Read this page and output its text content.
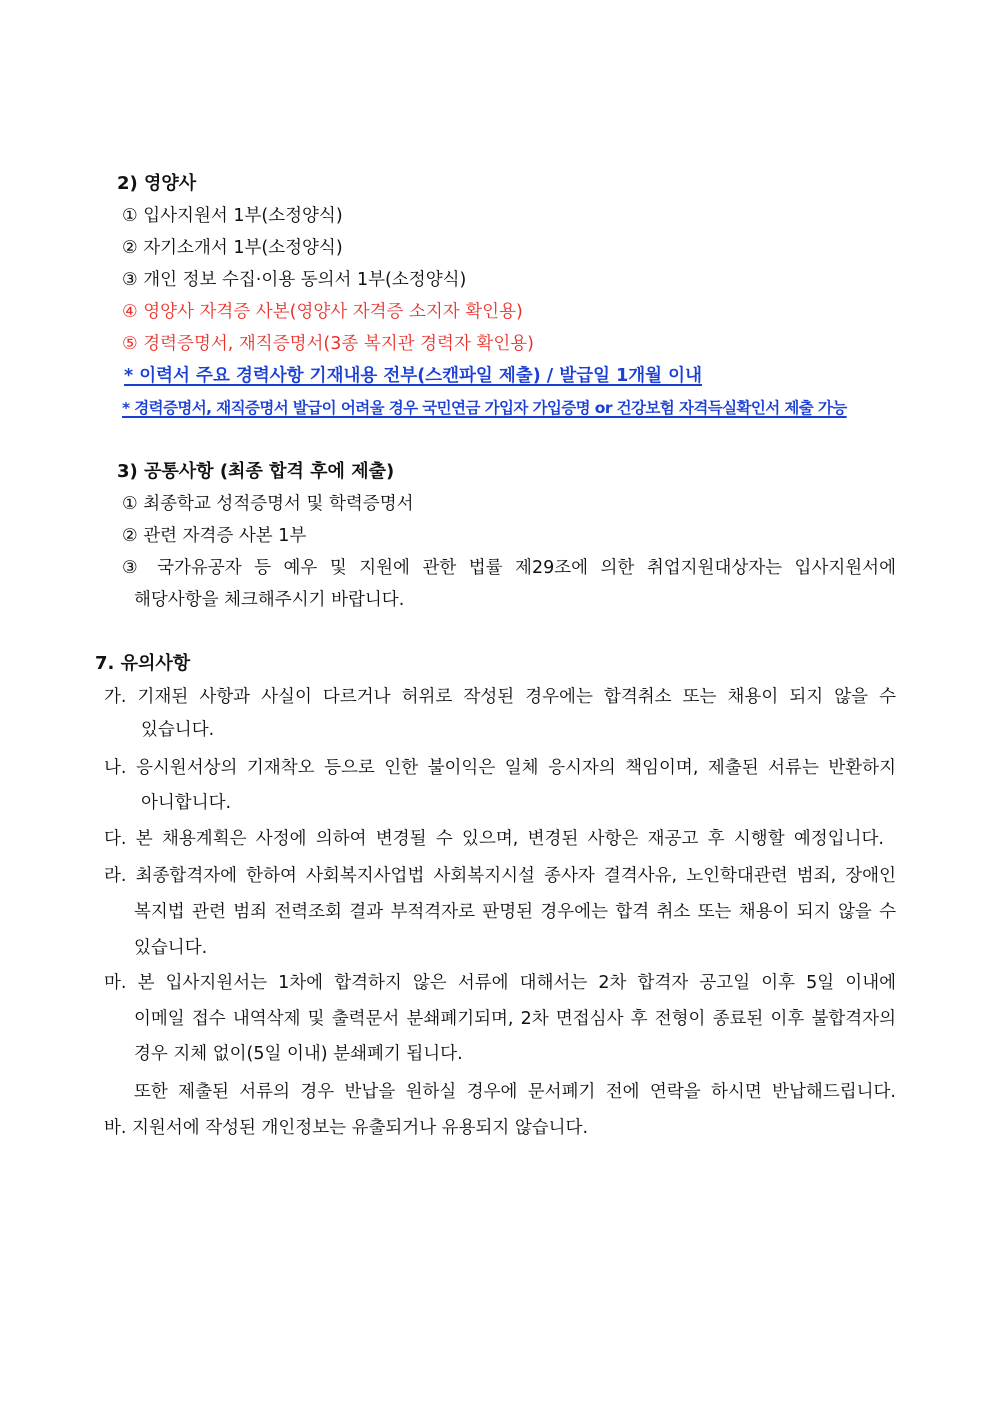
2) 영양사
① 입사지원서 1부(소정양식)
② 자기소개서 1부(소정양식)
③ 개인 정보 수집·이용 동의서 1부(소정양식)
④ 영양사 자격증 사본(영양사 자격증 소지자 확인용)
⑤ 경력증명서, 재직증명서(3종 복지관 경력자 확인용)
* 이력서 주요 경력사항 기재내용 전부(스캔파일 제출) / 발급일 1개월 이내
* 경력증명서, 재직증명서 발급이 어려울 경우 국민연금 가입자 가입증명 or 건강보험 자격득실확인서 제출 가능
3) 공통사항 (최종 합격 후에 제출)
① 최종학교 성적증명서 및 학력증명서
② 관련 자격증 사본 1부
③ 국가유공자 등 예우 및 지원에 관한 법률 제29조에 의한 취업지원대상자는 입사지원서에
해당사항을 체크해주시기 바랍니다.
7. 유의사항
가. 기재된 사항과 사실이 다르거나 허위로 작성된 경우에는 합격취소 또는 채용이 되지 않을 수
있습니다.
나. 응시원서상의 기재착오 등으로 인한 불이익은 일체 응시자의 책임이며, 제출된 서류는 반환하지
아니합니다.
다. 본 채용계획은 사정에 의하여 변경될 수 있으며, 변경된 사항은 재공고 후 시행할 예정입니다.
라. 최종합격자에 한하여 사회복지사업법 사회복지시설 종사자 결격사유, 노인학대관련 범죄, 장애인
복지법 관련 범죄 전력조회 결과 부적격자로 판명된 경우에는 합격 취소 또는 채용이 되지 않을 수
있습니다.
마. 본 입사지원서는 1차에 합격하지 않은 서류에 대해서는 2차 합격자 공고일 이후 5일 이내에
이메일 접수 내역삭제 및 출력문서 분쇄폐기되며, 2차 면접심사 후 전형이 종료된 이후 불합격자의
경우 지체 없이(5일 이내) 분쇄폐기 됩니다.
또한 제출된 서류의 경우 반납을 원하실 경우에 문서폐기 전에 연락을 하시면 반납해드립니다.
바. 지원서에 작성된 개인정보는 유출되거나 유용되지 않습니다.
